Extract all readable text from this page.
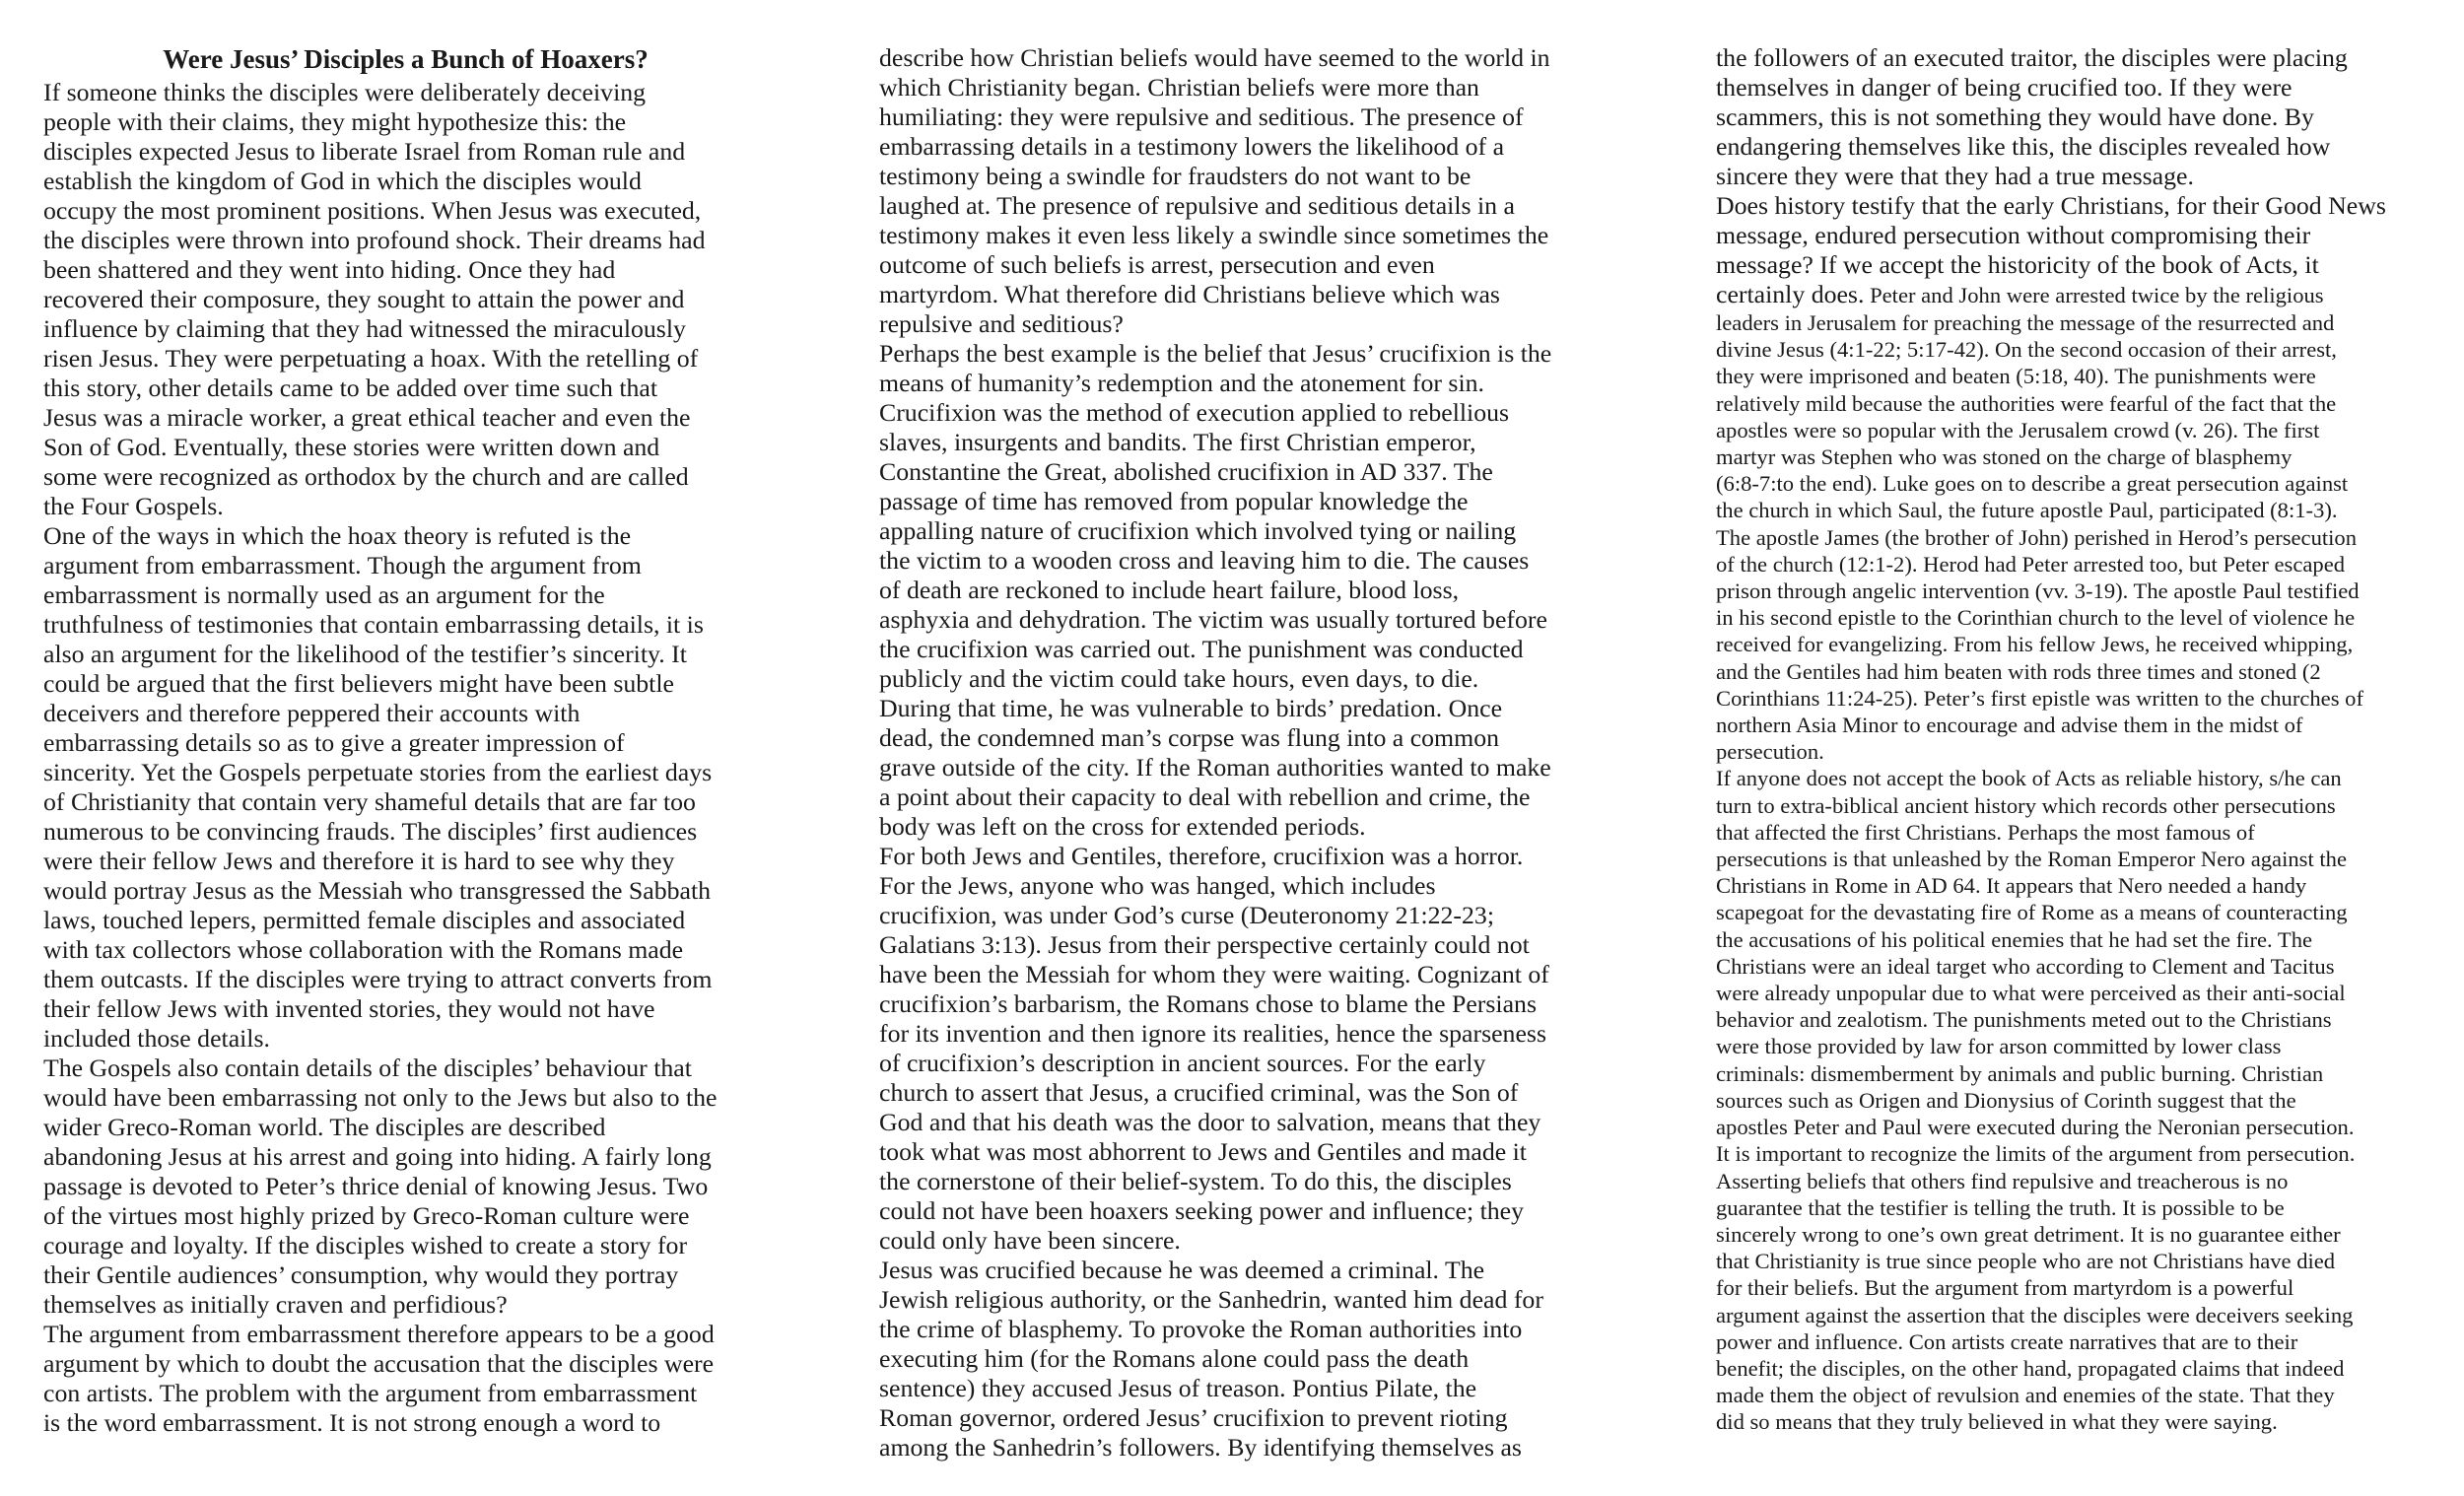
Were Jesus’ Disciples a Bunch of Hoaxers?

If someone thinks the disciples were deliberately deceiving
people with their claims, they might hypothesize this: the
disciples expected Jesus to liberate Israel from Roman rule and
establish the kingdom of God in which the disciples would
occupy the most prominent positions. When Jesus was executed,
the disciples were thrown into profound shock. Their dreams had
been shattered and they went into hiding. Once they had
recovered their composure, they sought to attain the power and
influence by claiming that they had witnessed the miraculously
risen Jesus. They were perpetuating a hoax. With the retelling of
this story, other details came to be added over time such that
Jesus was a miracle worker, a great ethical teacher and even the
Son of God. Eventually, these stories were written down and
some were recognized as orthodox by the church and are called
the Four Gospels.

One of the ways in which the hoax theory is refuted is the
argument from embarrassment. Though the argument from
embarrassment is normally used as an argument for the
truthfulness of testimonies that contain embarrassing details, it is
also an argument for the likelihood of the testifier’s sincerity. It
could be argued that the first believers might have been subtle
deceivers and therefore peppered their accounts with
embarrassing details so as to give a greater impression of
sincerity. Yet the Gospels perpetuate stories from the earliest days
of Christianity that contain very shameful details that are far too
numerous to be convincing frauds. The disciples’ first audiences
were their fellow Jews and therefore it is hard to see why they
would portray Jesus as the Messiah who transgressed the Sabbath
laws, touched lepers, permitted female disciples and associated
with tax collectors whose collaboration with the Romans made
them outcasts. If the disciples were trying to attract converts from
their fellow Jews with invented stories, they would not have
included those details.

The Gospels also contain details of the disciples’ behaviour that
would have been embarrassing not only to the Jews but also to the
wider Greco-Roman world. The disciples are described
abandoning Jesus at his arrest and going into hiding. A fairly long
passage is devoted to Peter’s thrice denial of knowing Jesus. Two
of the virtues most highly prized by Greco-Roman culture were
courage and loyalty. If the disciples wished to create a story for
their Gentile audiences’ consumption, why would they portray
themselves as initially craven and perfidious?

The argument from embarrassment therefore appears to be a good
argument by which to doubt the accusation that the disciples were
con artists. The problem with the argument from embarrassment
is the word embarrassment. It is not strong enough a word to

describe how Christian beliefs would have seemed to the world in
which Christianity began. Christian beliefs were more than
humiliating: they were repulsive and seditious. The presence of
embarrassing details in a testimony lowers the likelihood of a
testimony being a swindle for fraudsters do not want to be
laughed at. The presence of repulsive and seditious details in a
testimony makes it even less likely a swindle since sometimes the
outcome of such beliefs is arrest, persecution and even
martyrdom. What therefore did Christians believe which was
repulsive and seditious?

Perhaps the best example is the belief that Jesus’ crucifixion is the
means of humanity’s redemption and the atonement for sin.
Crucifixion was the method of execution applied to rebellious
slaves, insurgents and bandits. The first Christian emperor,
Constantine the Great, abolished crucifixion in AD 337. The
passage of time has removed from popular knowledge the
appalling nature of crucifixion which involved tying or nailing
the victim to a wooden cross and leaving him to die. The causes
of death are reckoned to include heart failure, blood loss,
asphyxia and dehydration. The victim was usually tortured before
the crucifixion was carried out. The punishment was conducted
publicly and the victim could take hours, even days, to die.
During that time, he was vulnerable to birds’ predation. Once
dead, the condemned man’s corpse was flung into a common
grave outside of the city. If the Roman authorities wanted to make
a point about their capacity to deal with rebellion and crime, the
body was left on the cross for extended periods.

For both Jews and Gentiles, therefore, crucifixion was a horror.
For the Jews, anyone who was hanged, which includes
crucifixion, was under God’s curse (Deuteronomy 21:22-23;
Galatians 3:13). Jesus from their perspective certainly could not
have been the Messiah for whom they were waiting. Cognizant of
crucifixion’s barbarism, the Romans chose to blame the Persians
for its invention and then ignore its realities, hence the sparseness
of crucifixion’s description in ancient sources. For the early
church to assert that Jesus, a crucified criminal, was the Son of
God and that his death was the door to salvation, means that they
took what was most abhorrent to Jews and Gentiles and made it
the cornerstone of their belief-system. To do this, the disciples
could not have been hoaxers seeking power and influence; they
could only have been sincere.

Jesus was crucified because he was deemed a criminal. The
Jewish religious authority, or the Sanhedrin, wanted him dead for
the crime of blasphemy. To provoke the Roman authorities into
executing him (for the Romans alone could pass the death
sentence) they accused Jesus of treason. Pontius Pilate, the
Roman governor, ordered Jesus’ crucifixion to prevent rioting
among the Sanhedrin’s followers. By identifying themselves as

the followers of an executed traitor, the disciples were placing
themselves in danger of being crucified too. If they were
scammers, this is not something they would have done. By
endangering themselves like this, the disciples revealed how
sincere they were that they had a true message.

Does history testify that the early Christians, for their Good News
message, endured persecution without compromising their
message? If we accept the historicity of the book of Acts, it

certainly does. Peter and John were arrested twice by the religious

leaders in Jerusalem for preaching the message of the resurrected and
divine Jesus (4:1-22; 5:17-42). On the second occasion of their arrest,
they were imprisoned and beaten (5:18, 40). The punishments were
relatively mild because the authorities were fearful of the fact that the
apostles were so popular with the Jerusalem crowd (v. 26). The first
martyr was Stephen who was stoned on the charge of blasphemy
(6:8-7:to the end). Luke goes on to describe a great persecution against
the church in which Saul, the future apostle Paul, participated (8:1-3).
The apostle James (the brother of John) perished in Herod’s persecution
of the church (12:1-2). Herod had Peter arrested too, but Peter escaped
prison through angelic intervention (vv. 3-19). The apostle Paul testified
in his second epistle to the Corinthian church to the level of violence he
received for evangelizing. From his fellow Jews, he received whipping,
and the Gentiles had him beaten with rods three times and stoned (2
Corinthians 11:24-25). Peter’s first epistle was written to the churches of
northern Asia Minor to encourage and advise them in the midst of
persecution.

If anyone does not accept the book of Acts as reliable history, s/he can
turn to extra-biblical ancient history which records other persecutions
that affected the first Christians. Perhaps the most famous of
persecutions is that unleashed by the Roman Emperor Nero against the
Christians in Rome in AD 64. It appears that Nero needed a handy
scapegoat for the devastating fire of Rome as a means of counteracting
the accusations of his political enemies that he had set the fire. The
Christians were an ideal target who according to Clement and Tacitus
were already unpopular due to what were perceived as their anti-social
behavior and zealotism. The punishments meted out to the Christians
were those provided by law for arson committed by lower class
criminals: dismemberment by animals and public burning. Christian
sources such as Origen and Dionysius of Corinth suggest that the
apostles Peter and Paul were executed during the Neronian persecution.

It is important to recognize the limits of the argument from persecution.
Asserting beliefs that others find repulsive and treacherous is no
guarantee that the testifier is telling the truth. It is possible to be
sincerely wrong to one’s own great detriment. It is no guarantee either
that Christianity is true since people who are not Christians have died
for their beliefs. But the argument from martyrdom is a powerful
argument against the assertion that the disciples were deceivers seeking
power and influence. Con artists create narratives that are to their
benefit; the disciples, on the other hand, propagated claims that indeed
made them the object of revulsion and enemies of the state. That they
did so means that they truly believed in what they were saying.
